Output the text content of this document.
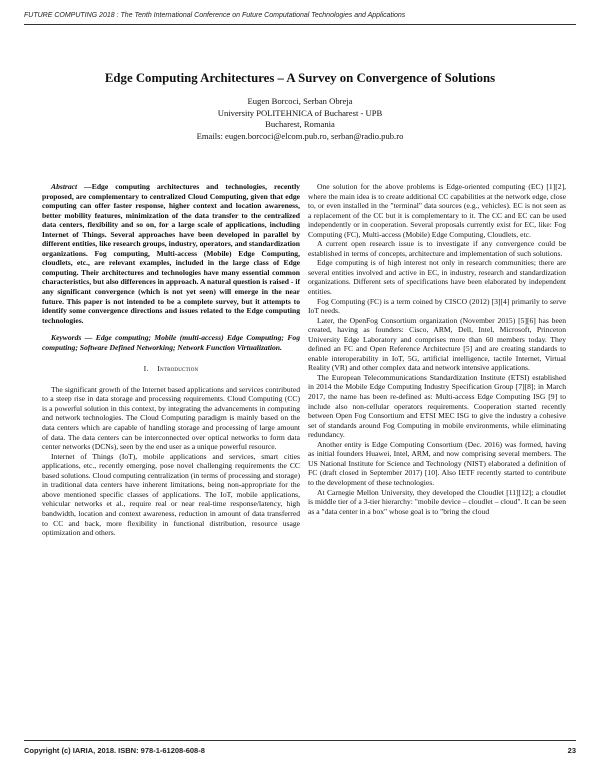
FUTURE COMPUTING 2018 : The Tenth International Conference on Future Computational Technologies and Applications
Edge Computing Architectures – A Survey on Convergence of Solutions
Eugen Borcoci, Serban Obreja
University POLITEHNICA of Bucharest - UPB
Bucharest, Romania
Emails: eugen.borcoci@elcom.pub.ro, serban@radio.pub.ro

Abstract —Edge computing architectures and technologies, recently proposed, are complementary to centralized Cloud Computing, given that edge computing can offer faster response, higher context and location awareness, better mobility features, minimization of the data transfer to the centralized data centers, flexibility and so on, for a large scale of applications, including Internet of Things. Several approaches have been developed in parallel by different entities, like research groups, industry, operators, and standardization organizations. Fog computing, Multi-access (Mobile) Edge Computing, cloudlets, etc., are relevant examples, included in the large class of Edge computing. Their architectures and technologies have many essential common characteristics, but also differences in approach. A natural question is raised - if any significant convergence (which is not yet seen) will emerge in the near future. This paper is not intended to be a complete survey, but it attempts to identify some convergence directions and issues related to the Edge computing technologies.

Keywords — Edge computing; Mobile (multi-access) Edge Computing; Fog computing; Software Defined Networking; Network Function Virtualization.

I. Introduction

The significant growth of the Internet based applications and services contributed to a steep rise in data storage and processing requirements. Cloud Computing (CC) is a powerful solution in this context, by integrating the advancements in computing and network technologies. The Cloud Computing paradigm is mainly based on the data centers which are capable of handling storage and processing of large amount of data. The data centers can be interconnected over optical networks to form data center networks (DCNs), seen by the end user as a unique powerful resource.

Internet of Things (IoT), mobile applications and services, smart cities applications, etc., recently emerging, pose novel challenging requirements the CC based solutions. Cloud computing centralization (in terms of processing and storage) in traditional data centers have inherent limitations, being non-appropriate for the above mentioned specific classes of applications. The IoT, mobile applications, vehicular networks et al., require real or near real-time response/latency, high bandwidth, location and context awareness, reduction in amount of data transferred to CC and back, more flexibility in functional distribution, resource usage optimization and others.

One solution for the above problems is Edge-oriented computing (EC) [1][2], where the main idea is to create additional CC capabilities at the network edge, close to, or even installed in the "terminal" data sources (e.g., vehicles). EC is not seen as a replacement of the CC but it is complementary to it. The CC and EC can be used independently or in cooperation. Several proposals currently exist for EC, like: Fog Computing (FC), Multi-access (Mobile) Edge Computing, Cloudlets, etc.

A current open research issue is to investigate if any convergence could be established in terms of concepts, architecture and implementation of such solutions.

Edge computing is of high interest not only in research communities; there are several entities involved and active in EC, in industry, research and standardization organizations. Different sets of specifications have been elaborated by independent entities.

Fog Computing (FC) is a term coined by CISCO (2012) [3][4] primarily to serve IoT needs.

Later, the OpenFog Consortium organization (November 2015) [5][6] has been created, having as founders: Cisco, ARM, Dell, Intel, Microsoft, Princeton University Edge Laboratory and comprises more than 60 members today. They defined an FC and Open Reference Architecture [5] and are creating standards to enable interoperability in IoT, 5G, artificial intelligence, tactile Internet, Virtual Reality (VR) and other complex data and network intensive applications.

The European Telecommunications Standardization Institute (ETSI) established in 2014 the Mobile Edge Computing Industry Specification Group [7][8]; in March 2017, the name has been re-defined as: Multi-access Edge Computing ISG [9] to include also non-cellular operators requirements. Cooperation started recently between Open Fog Consortium and ETSI MEC ISG to give the industry a cohesive set of standards around Fog Computing in mobile environments, while eliminating redundancy.

Another entity is Edge Computing Consortium (Dec. 2016) was formed, having as initial founders Huawei, Intel, ARM, and now comprising several members. The US National Institute for Science and Technology (NIST) elaborated a definition of FC (draft closed in September 2017) [10]. Also IETF recently started to contribute to the development of these technologies.

At Carnegie Mellon University, they developed the Cloudlet [11][12]; a cloudlet is middle tier of a 3-tier hierarchy: "mobile device – cloudlet – cloud". It can be seen as a "data center in a box" whose goal is to "bring the cloud

Copyright (c) IARIA, 2018. ISBN: 978-1-61208-608-8	23
